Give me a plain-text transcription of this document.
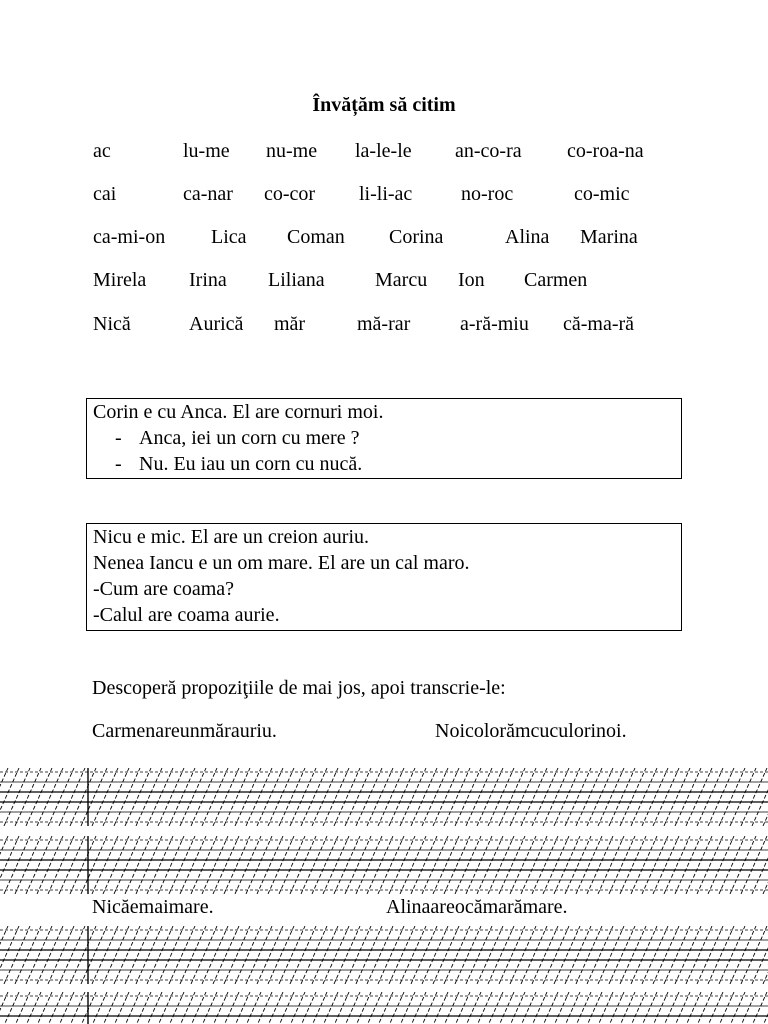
Învățăm să citim
ac	lu-me nu-me la-le-le an-co-ra co-roa-na
cai	ca-nar co-cor li-li-ac no-roc	co-mic
ca-mi-on Lica Coman Corina	Alina Marina
Mirela Irina Liliana	Marcu Ion Carmen
Nică	Aurică măr	mă-rar a-ră-miu că-ma-ră
Corin e cu Anca. El are cornuri moi.
- Anca, iei un corn cu mere ?
- Nu. Eu iau un corn cu nucă.
Nicu e mic. El are un creion auriu.
Nenea Iancu e un om mare. El are un cal maro.
-Cum are coama?
-Calul are coama aurie.
Descoperă propoziţiile de mai jos, apoi transcrie-le:
Carmenareunmărauriu.	Noicolorămcuculorinoi.
Nicăemaimare.	Alinaareocămarămare.
